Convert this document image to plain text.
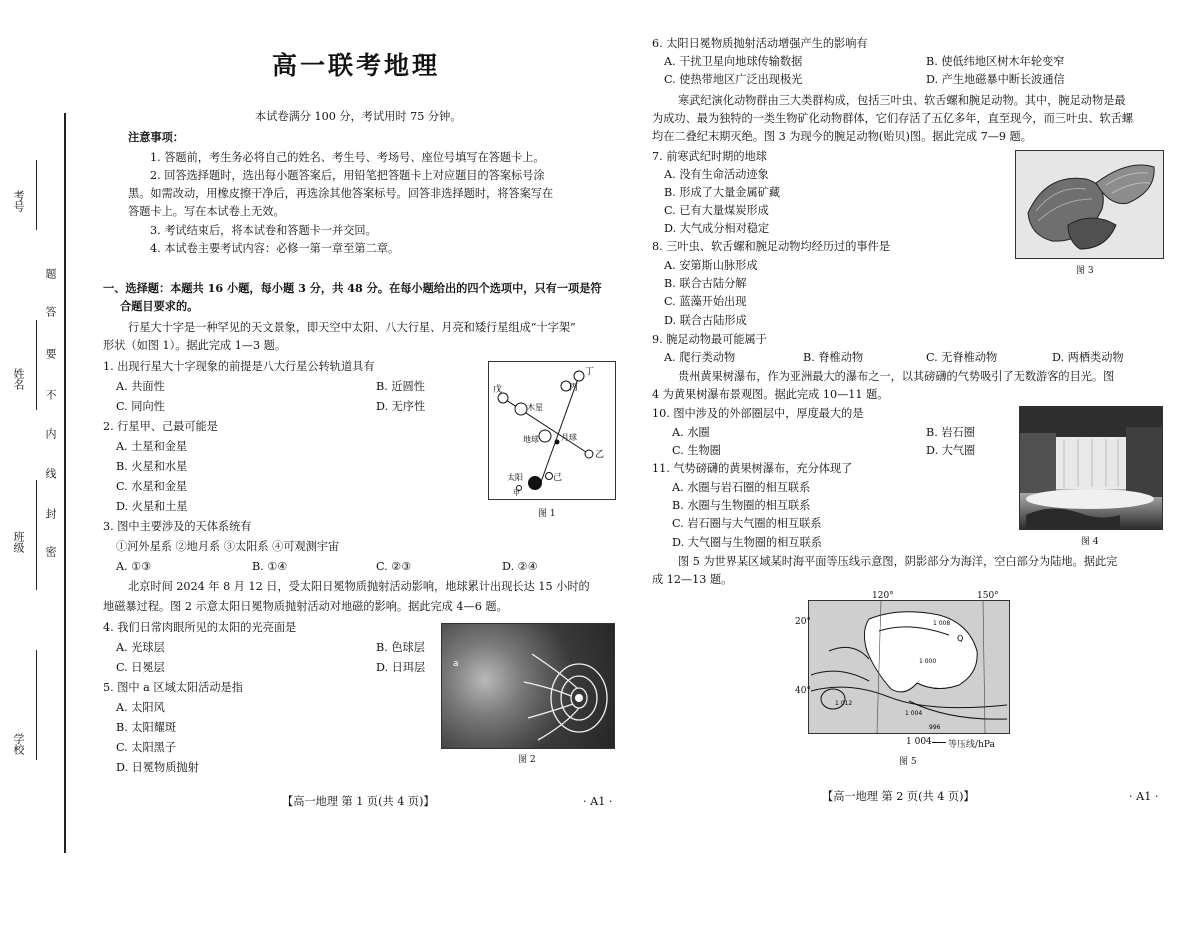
考号
姓名
班级
学校
题
答
要
不
内
线
封
密
高一联考地理
本试卷满分 100 分，考试用时 75 分钟。
注意事项：
1. 答题前，考生务必将自己的姓名、考生号、考场号、座位号填写在答题卡上。
2. 回答选择题时，选出每小题答案后，用铅笔把答题卡上对应题目的答案标号涂
黑。如需改动，用橡皮擦干净后，再选涂其他答案标号。回答非选择题时，将答案写在
答题卡上。写在本试卷上无效。
3. 考试结束后，将本试卷和答题卡一并交回。
4. 本试卷主要考试内容：必修一第一章至第二章。
一、选择题：本题共 16 小题，每小题 3 分，共 48 分。在每小题给出的四个选项中，只有一项是符
合题目要求的。
行星大十字是一种罕见的天文景象，即天空中太阳、八大行星、月亮和矮行星组成“十字架”
形状（如图 1）。据此完成 1—3 题。
1. 出现行星大十字现象的前提是八大行星公转轨道具有
A. 共面性	B. 近圆性
C. 同向性	D. 无序性
2. 行星甲、己最可能是
A. 土星和金星
B. 火星和水星
C. 水星和金星
D. 火星和土星
3. 图中主要涉及的天体系统有
①河外星系 ②地月系 ③太阳系 ④可观测宇宙
A. ①③	B. ①④	C. ②③	D. ②④
北京时间 2024 年 8 月 12 日，受太阳日冕物质抛射活动影响，地球累计出现长达 15 小时的
地磁暴过程。图 2 示意太阳日冕物质抛射活动对地磁的影响。据此完成 4—6 题。
4. 我们日常肉眼所见的太阳的光亮面是
A. 光球层	B. 色球层
C. 日冕层	D. 日珥层
5. 图中 a 区域太阳活动是指
A. 太阳风
B. 太阳耀斑
C. 太阳黑子
D. 日冕物质抛射
丁
丙
戊
木星
地球	月球
乙
太阳	己
甲
图 1
a
图 2
【高一地理 第 1 页(共 4 页)】	· A1 ·
6. 太阳日冕物质抛射活动增强产生的影响有
A. 干扰卫星向地球传输数据	B. 使低纬地区树木年轮变窄
C. 使热带地区广泛出现极光	D. 产生地磁暴中断长波通信
寒武纪演化动物群由三大类群构成，包括三叶虫、软舌螺和腕足动物。其中，腕足动物是最
为成功、最为独特的一类生物矿化动物群体，它们存活了五亿多年，直至现今，而三叶虫、软舌螺
均在二叠纪末期灭绝。图 3 为现今的腕足动物(贻贝)图。据此完成 7—9 题。
7. 前寒武纪时期的地球
A. 没有生命活动迹象
B. 形成了大量金属矿藏
C. 已有大量煤炭形成
D. 大气成分相对稳定
8. 三叶虫、软舌螺和腕足动物均经历过的事件是
A. 安第斯山脉形成
B. 联合古陆分解
C. 蓝藻开始出现
D. 联合古陆形成
9. 腕足动物最可能属于
A. 爬行类动物	B. 脊椎动物	C. 无脊椎动物	D. 两栖类动物
贵州黄果树瀑布，作为亚洲最大的瀑布之一，以其磅礴的气势吸引了无数游客的目光。图
4 为黄果树瀑布景观图。据此完成 10—11 题。
10. 图中涉及的外部圈层中，厚度最大的是
A. 水圈	B. 岩石圈
C. 生物圈	D. 大气圈
11. 气势磅礴的黄果树瀑布，充分体现了
A. 水圈与岩石圈的相互联系
B. 水圈与生物圈的相互联系
C. 岩石圈与大气圈的相互联系
D. 大气圈与生物圈的相互联系
图 5 为世界某区域某时海平面等压线示意图，阴影部分为海洋，空白部分为陆地。据此完
成 12—13 题。
图 3
图 4
Q
1 000
1 008
1 012
1 004
996
120°	150°
20°
40°
1 004 等压线/hPa
图 5
【高一地理 第 2 页(共 4 页)】	· A1 ·
